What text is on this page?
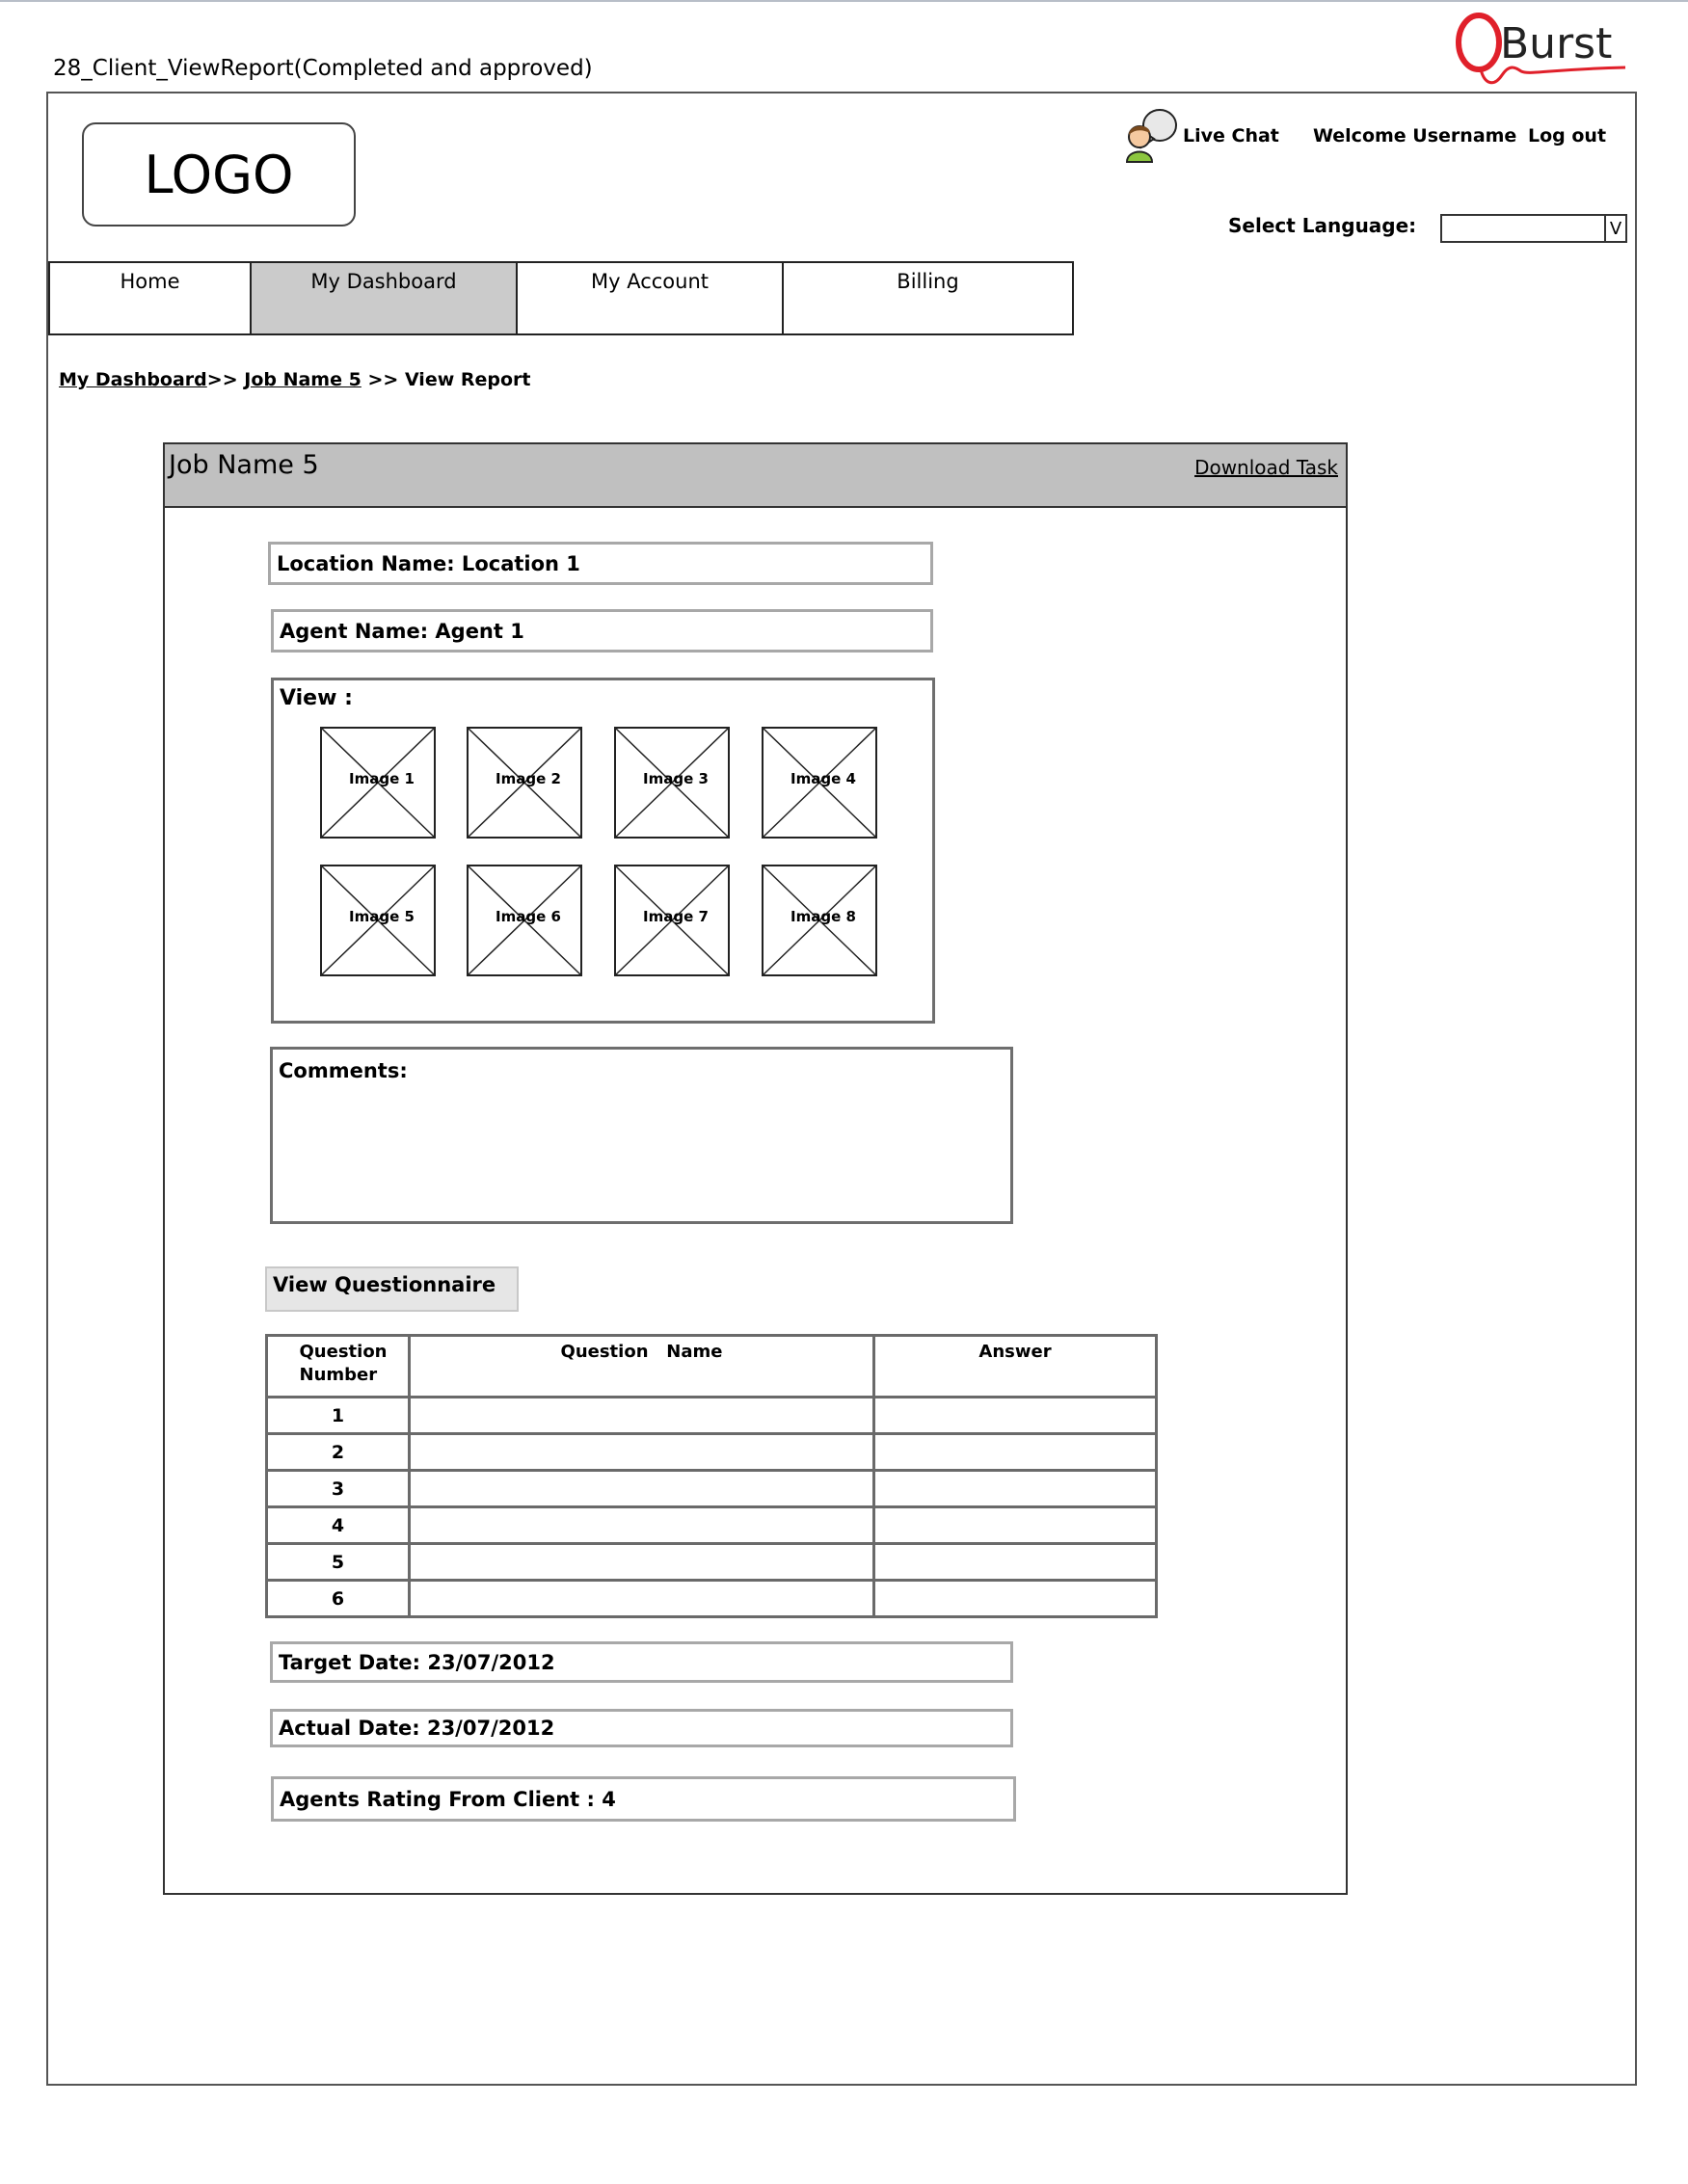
28_Client_ViewReport(Completed and approved)	Burst
LOGO
Live Chat Welcome Username Log out
Select Language:	V
Home	My Dashboard	My Account	Billing
My Dashboard>> Job Name 5 >> View Report
Job Name 5	Download Task
Location Name: Location 1
Agent Name: Agent 1
View :
Image 1	Image 2	Image 3	Image 4
Image 5	Image 6	Image 7	Image 8
Comments:
View Questionnaire
Question Number	Question   Name	Answer
1		
2		
3		
4		
5		
6		
Target Date: 23/07/2012
Actual Date: 23/07/2012
Agents Rating From Client : 4
